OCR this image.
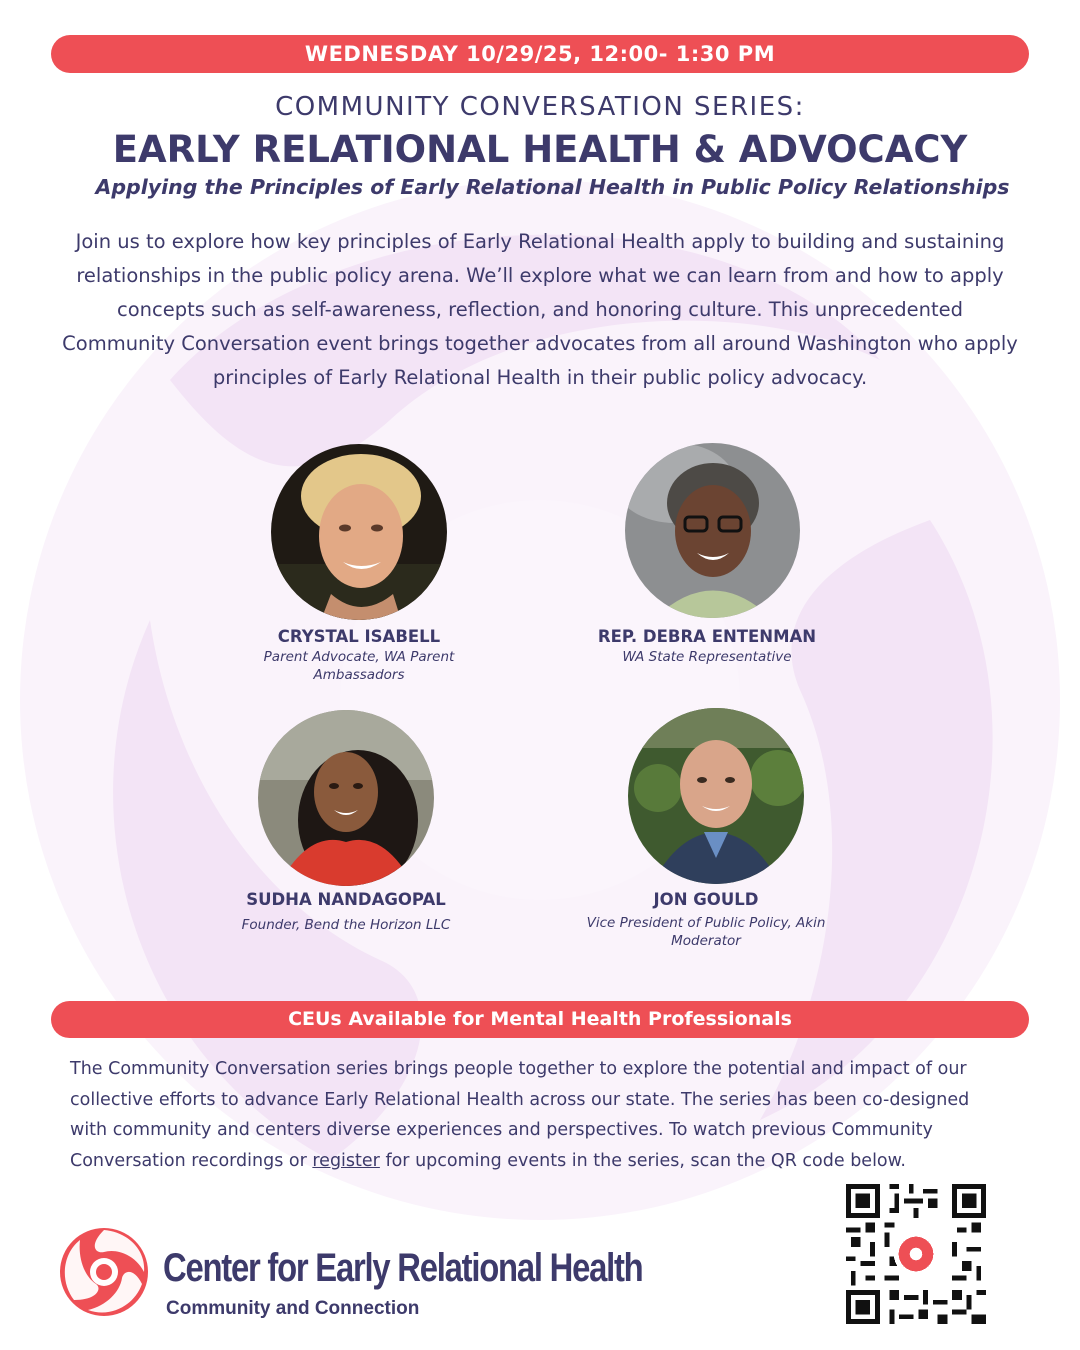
WEDNESDAY 10/29/25, 12:00- 1:30 PM
COMMUNITY CONVERSATION SERIES:
EARLY RELATIONAL HEALTH & ADVOCACY
Applying the Principles of Early Relational Health in Public Policy Relationships
Join us to explore how key principles of Early Relational Health apply to building and sustaining relationships in the public policy arena. We’ll explore what we can learn from and how to apply concepts such as self-awareness, reflection, and honoring culture. This unprecedented Community Conversation event brings together advocates from all around Washington who apply principles of Early Relational Health in their public policy advocacy.
CRYSTAL ISABELL
Parent Advocate, WA Parent Ambassadors
REP. DEBRA ENTENMAN
WA State Representative
SUDHA NANDAGOPAL
Founder, Bend the Horizon LLC
JON GOULD
Vice President of Public Policy, Akin
Moderator
CEUs Available for Mental Health Professionals
The Community Conversation series brings people together to explore the potential and impact of our collective efforts to advance Early Relational Health across our state. The series has been co-designed with community and centers diverse experiences and perspectives. To watch previous Community Conversation recordings or register for upcoming events in the series, scan the QR code below.
Center for Early Relational Health
Community and Connection
